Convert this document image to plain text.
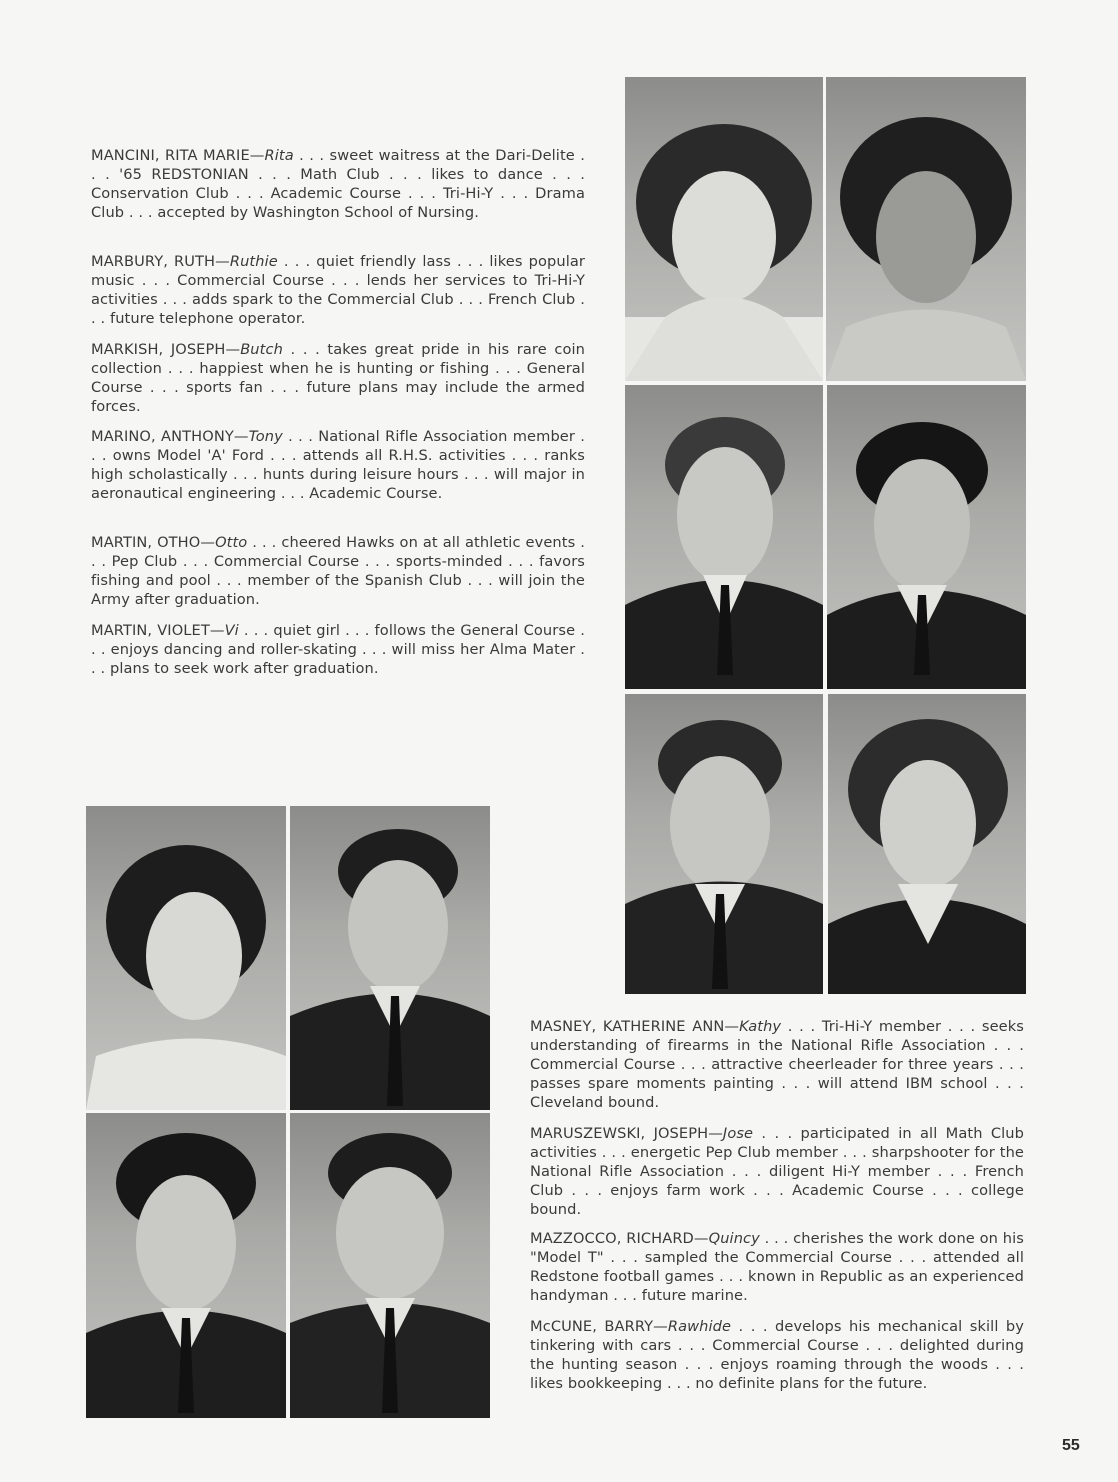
MANCINI, RITA MARIE—Rita . . . sweet waitress at the Dari-Delite . . . '65 REDSTONIAN . . . Math Club . . . likes to dance . . . Conservation Club . . . Academic Course . . . Tri-Hi-Y . . . Drama Club . . . accepted by Washington School of Nursing.

MARBURY, RUTH—Ruthie . . . quiet friendly lass . . . likes popular music . . . Commercial Course . . . lends her services to Tri-Hi-Y activities . . . adds spark to the Commercial Club . . . French Club . . . future telephone operator.

MARKISH, JOSEPH—Butch . . . takes great pride in his rare coin collection . . . happiest when he is hunting or fishing . . . General Course . . . sports fan . . . future plans may include the armed forces.

MARINO, ANTHONY—Tony . . . National Rifle Association member . . . owns Model 'A' Ford . . . attends all R.H.S. activities . . . ranks high scholastically . . . hunts during leisure hours . . . will major in aeronautical engineering . . . Academic Course.

MARTIN, OTHO—Otto . . . cheered Hawks on at all athletic events . . . Pep Club . . . Commercial Course . . . sports-minded . . . favors fishing and pool . . . member of the Spanish Club . . . will join the Army after graduation.

MARTIN, VIOLET—Vi . . . quiet girl . . . follows the General Course . . . enjoys dancing and roller-skating . . . will miss her Alma Mater . . . plans to seek work after graduation.

MASNEY, KATHERINE ANN—Kathy . . . Tri-Hi-Y member . . . seeks understanding of firearms in the National Rifle Association . . . Commercial Course . . . attractive cheerleader for three years . . . passes spare moments painting . . . will attend IBM school . . . Cleveland bound.

MARUSZEWSKI, JOSEPH—Jose . . . participated in all Math Club activities . . . energetic Pep Club member . . . sharpshooter for the National Rifle Association . . . diligent Hi-Y member . . . French Club . . . enjoys farm work . . . Academic Course . . . college bound.

MAZZOCCO, RICHARD—Quincy . . . cherishes the work done on his "Model T" . . . sampled the Commercial Course . . . attended all Redstone football games . . . known in Republic as an experienced handyman . . . future marine.

McCUNE, BARRY—Rawhide . . . develops his mechanical skill by tinkering with cars . . . Commercial Course . . . delighted during the hunting season . . . enjoys roaming through the woods . . . likes bookkeeping . . . no definite plans for the future.

55
